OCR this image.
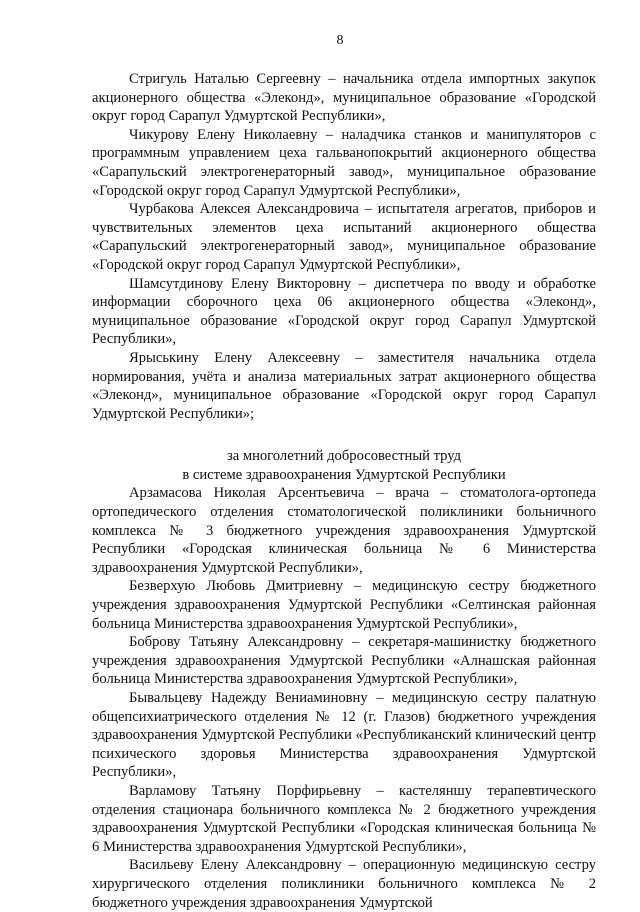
8

Стригуль Наталью Сергеевну – начальника отдела импортных закупок акционерного общества «Элеконд», муниципальное образование «Городской округ город Сарапул Удмуртской Республики»,

Чикурову Елену Николаевну – наладчика станков и манипуляторов с программным управлением цеха гальванопокрытий акционерного общества «Сарапульский электрогенераторный завод», муниципальное образование «Городской округ город Сарапул Удмуртской Республики»,

Чурбакова Алексея Александровича – испытателя агрегатов, приборов и чувствительных элементов цеха испытаний акционерного общества «Сарапульский электрогенераторный завод», муниципальное образование «Городской округ город Сарапул Удмуртской Республики»,

Шамсутдинову Елену Викторовну – диспетчера по вводу и обработке информации сборочного цеха 06 акционерного общества «Элеконд», муниципальное образование «Городской округ город Сарапул Удмуртской Республики»,

Ярыськину Елену Алексеевну – заместителя начальника отдела нормирования, учёта и анализа материальных затрат акционерного общества «Элеконд», муниципальное образование «Городской округ город Сарапул Удмуртской Республики»;

за многолетний добросовестный труд
в системе здравоохранения Удмуртской Республики

Арзамасова Николая Арсентьевича – врача – стоматолога-ортопеда ортопедического отделения стоматологической поликлиники больничного комплекса № 3 бюджетного учреждения здравоохранения Удмуртской Республики «Городская клиническая больница № 6 Министерства здравоохранения Удмуртской Республики»,

Безверхую Любовь Дмитриевну – медицинскую сестру бюджетного учреждения здравоохранения Удмуртской Республики «Селтинская районная больница Министерства здравоохранения Удмуртской Республики»,

Боброву Татьяну Александровну – секретаря-машинистку бюджетного учреждения здравоохранения Удмуртской Республики «Алнашская районная больница Министерства здравоохранения Удмуртской Республики»,

Бывальцеву Надежду Вениаминовну – медицинскую сестру палатную общепсихиатрического отделения № 12 (г. Глазов) бюджетного учреждения здравоохранения Удмуртской Республики «Республиканский клинический центр психического здоровья Министерства здравоохранения Удмуртской Республики»,

Варламову Татьяну Порфирьевну – кастеляншу терапевтического отделения стационара больничного комплекса № 2 бюджетного учреждения здравоохранения Удмуртской Республики «Городская клиническая больница № 6 Министерства здравоохранения Удмуртской Республики»,

Васильеву Елену Александровну – операционную медицинскую сестру хирургического отделения поликлиники больничного комплекса № 2 бюджетного учреждения здравоохранения Удмуртской
